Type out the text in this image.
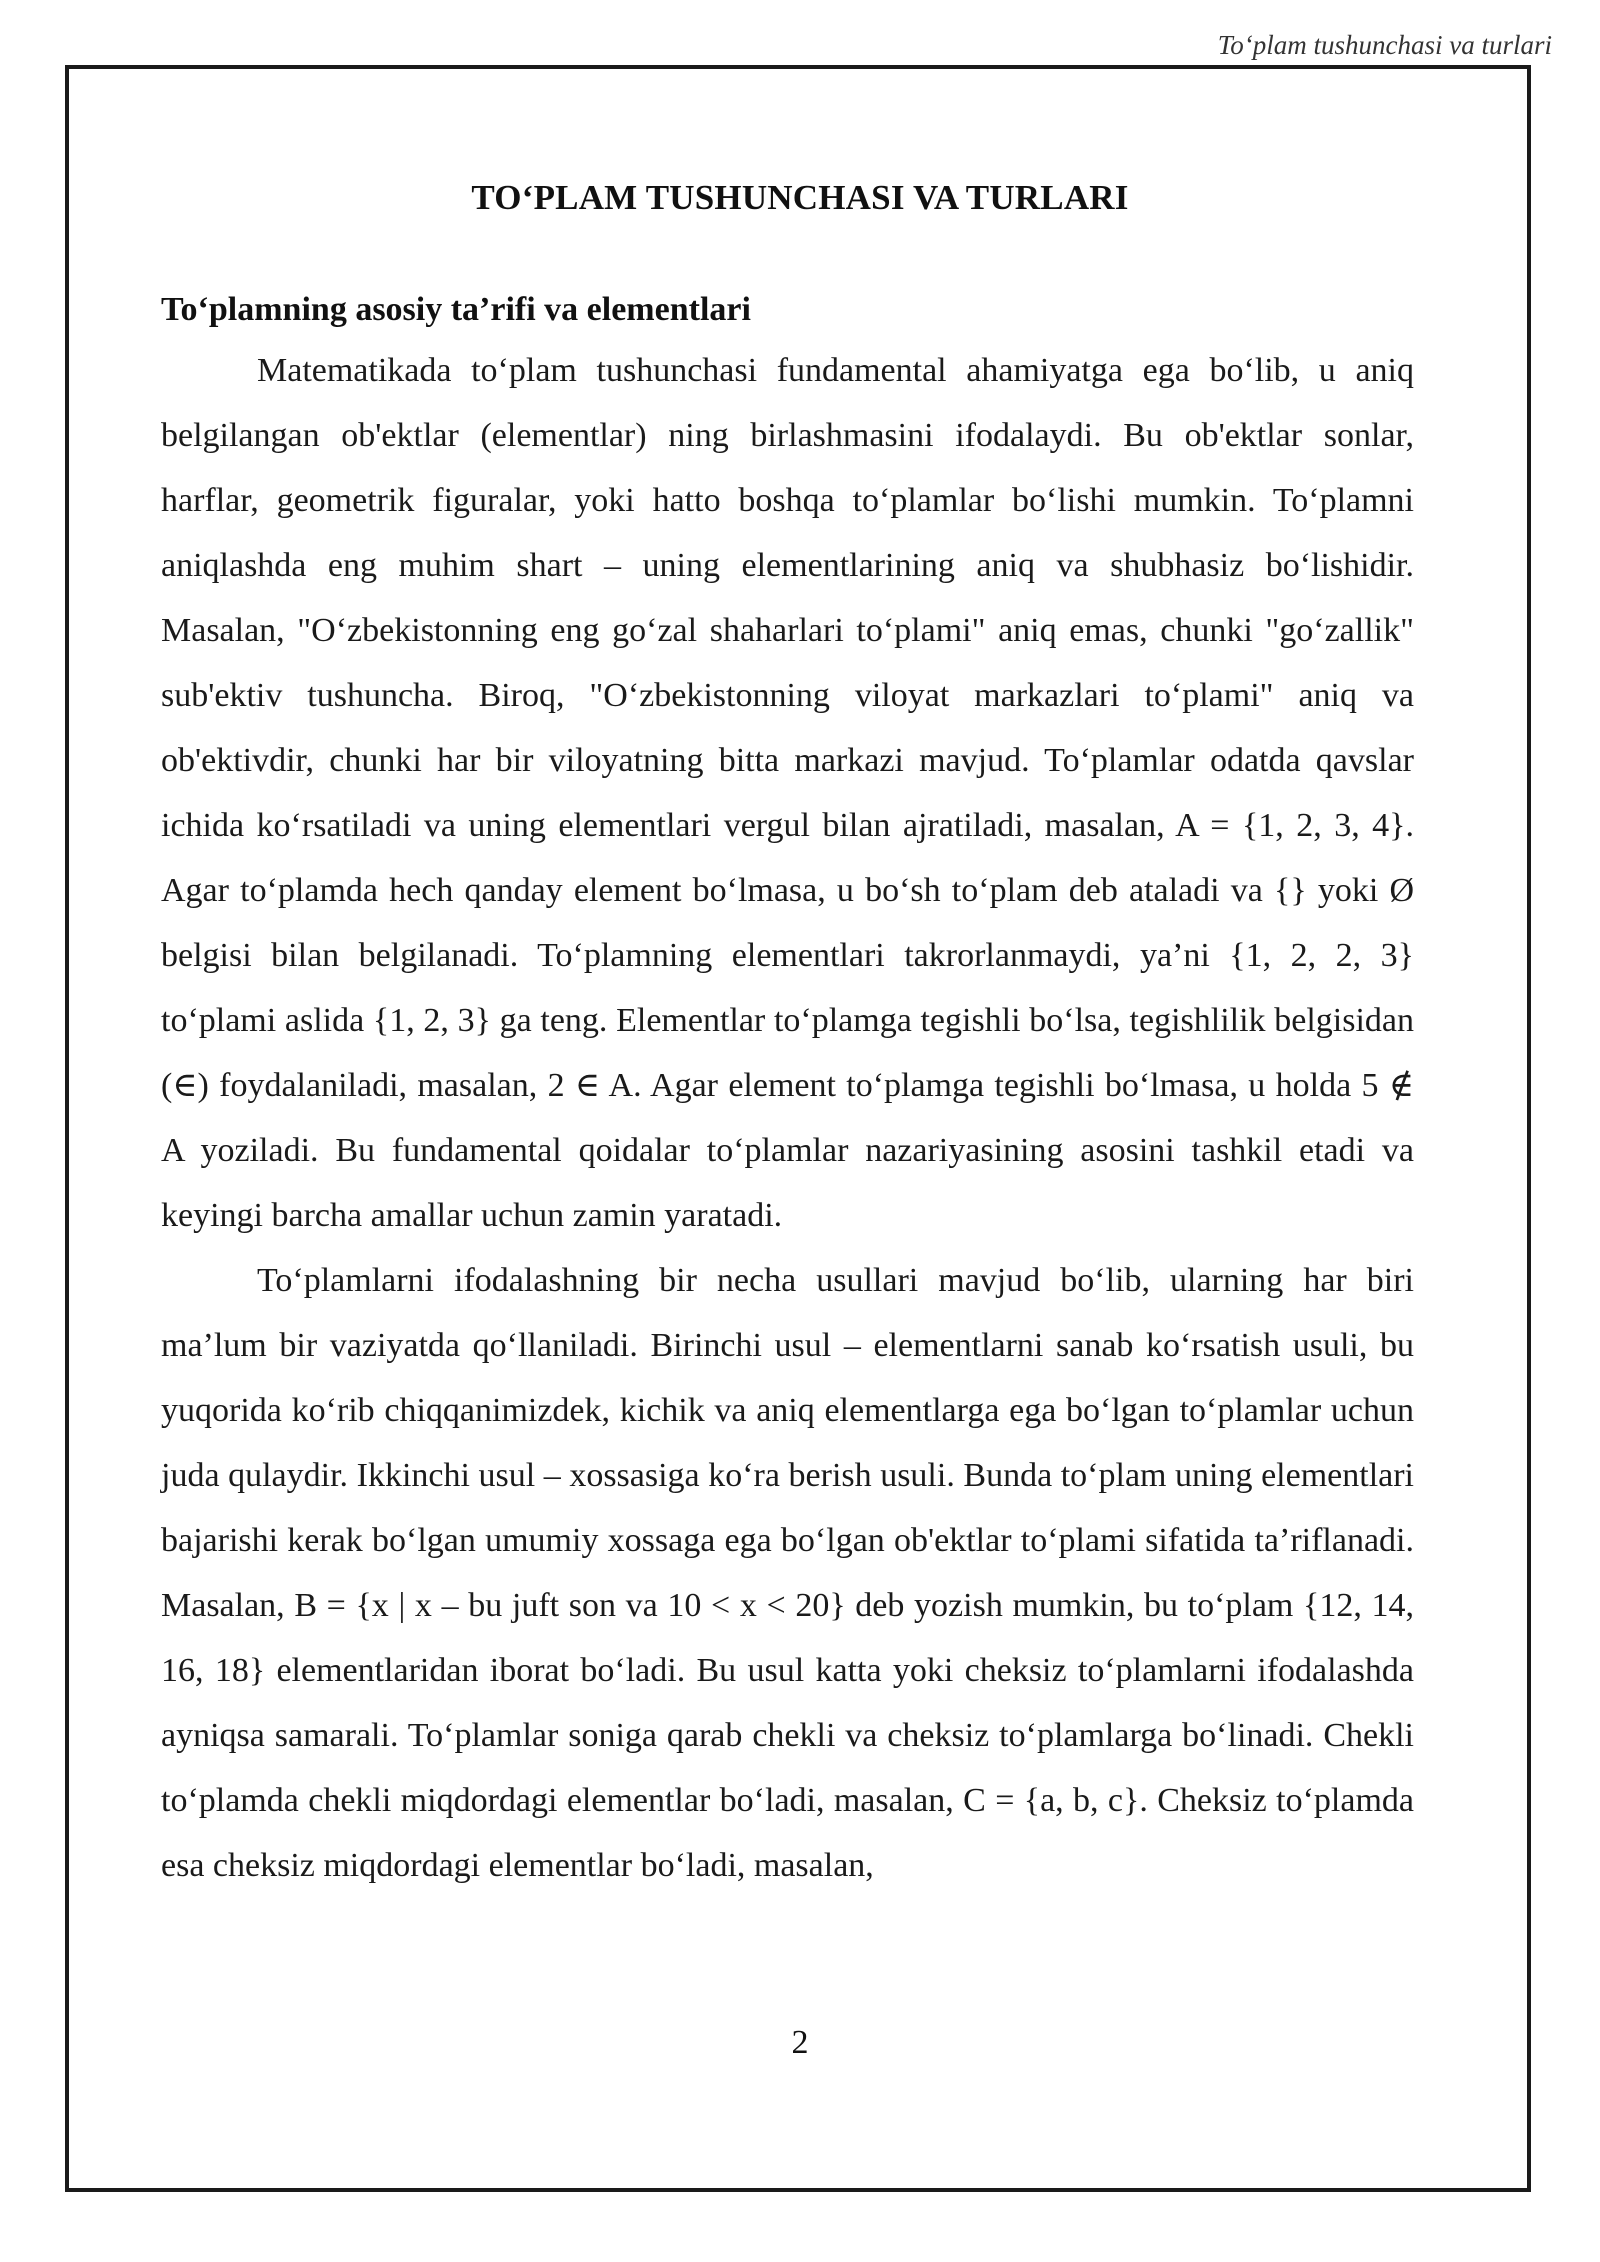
To‘plam tushunchasi va turlari
TO‘PLAM TUSHUNCHASI VA TURLARI
To‘plamning asosiy ta’rifi va elementlari

Matematikada to‘plam tushunchasi fundamental ahamiyatga ega bo‘lib, u aniq belgilangan ob'ektlar (elementlar) ning birlashmasini ifodalaydi. Bu ob'ektlar sonlar, harflar, geometrik figuralar, yoki hatto boshqa to‘plamlar bo‘lishi mumkin. To‘plamni aniqlashda eng muhim shart – uning elementlarining aniq va shubhasiz bo‘lishidir. Masalan, "O‘zbekistonning eng go‘zal shaharlari to‘plami" aniq emas, chunki "go‘zallik" sub'ektiv tushuncha. Biroq, "O‘zbekistonning viloyat markazlari to‘plami" aniq va ob'ektivdir, chunki har bir viloyatning bitta markazi mavjud. To‘plamlar odatda qavslar ichida ko‘rsatiladi va uning elementlari vergul bilan ajratiladi, masalan, A = {1, 2, 3, 4}. Agar to‘plamda hech qanday element bo‘lmasa, u bo‘sh to‘plam deb ataladi va {} yoki Ø belgisi bilan belgilanadi. To‘plamning elementlari takrorlanmaydi, ya’ni {1, 2, 2, 3} to‘plami aslida {1, 2, 3} ga teng. Elementlar to‘plamga tegishli bo‘lsa, tegishlilik belgisidan (∈) foydalaniladi, masalan, 2 ∈ A. Agar element to‘plamga tegishli bo‘lmasa, u holda 5 ∉ A yoziladi. Bu fundamental qoidalar to‘plamlar nazariyasining asosini tashkil etadi va keyingi barcha amallar uchun zamin yaratadi.

To‘plamlarni ifodalashning bir necha usullari mavjud bo‘lib, ularning har biri ma’lum bir vaziyatda qo‘llaniladi. Birinchi usul – elementlarni sanab ko‘rsatish usuli, bu yuqorida ko‘rib chiqqanimizdek, kichik va aniq elementlarga ega bo‘lgan to‘plamlar uchun juda qulaydir. Ikkinchi usul – xossasiga ko‘ra berish usuli. Bunda to‘plam uning elementlari bajarishi kerak bo‘lgan umumiy xossaga ega bo‘lgan ob'ektlar to‘plami sifatida ta’riflanadi. Masalan, B = {x | x – bu juft son va 10 < x < 20} deb yozish mumkin, bu to‘plam {12, 14, 16, 18} elementlaridan iborat bo‘ladi. Bu usul katta yoki cheksiz to‘plamlarni ifodalashda ayniqsa samarali. To‘plamlar soniga qarab chekli va cheksiz to‘plamlarga bo‘linadi. Chekli to‘plamda chekli miqdordagi elementlar bo‘ladi, masalan, C = {a, b, c}. Cheksiz to‘plamda esa cheksiz miqdordagi elementlar bo‘ladi, masalan,

2
